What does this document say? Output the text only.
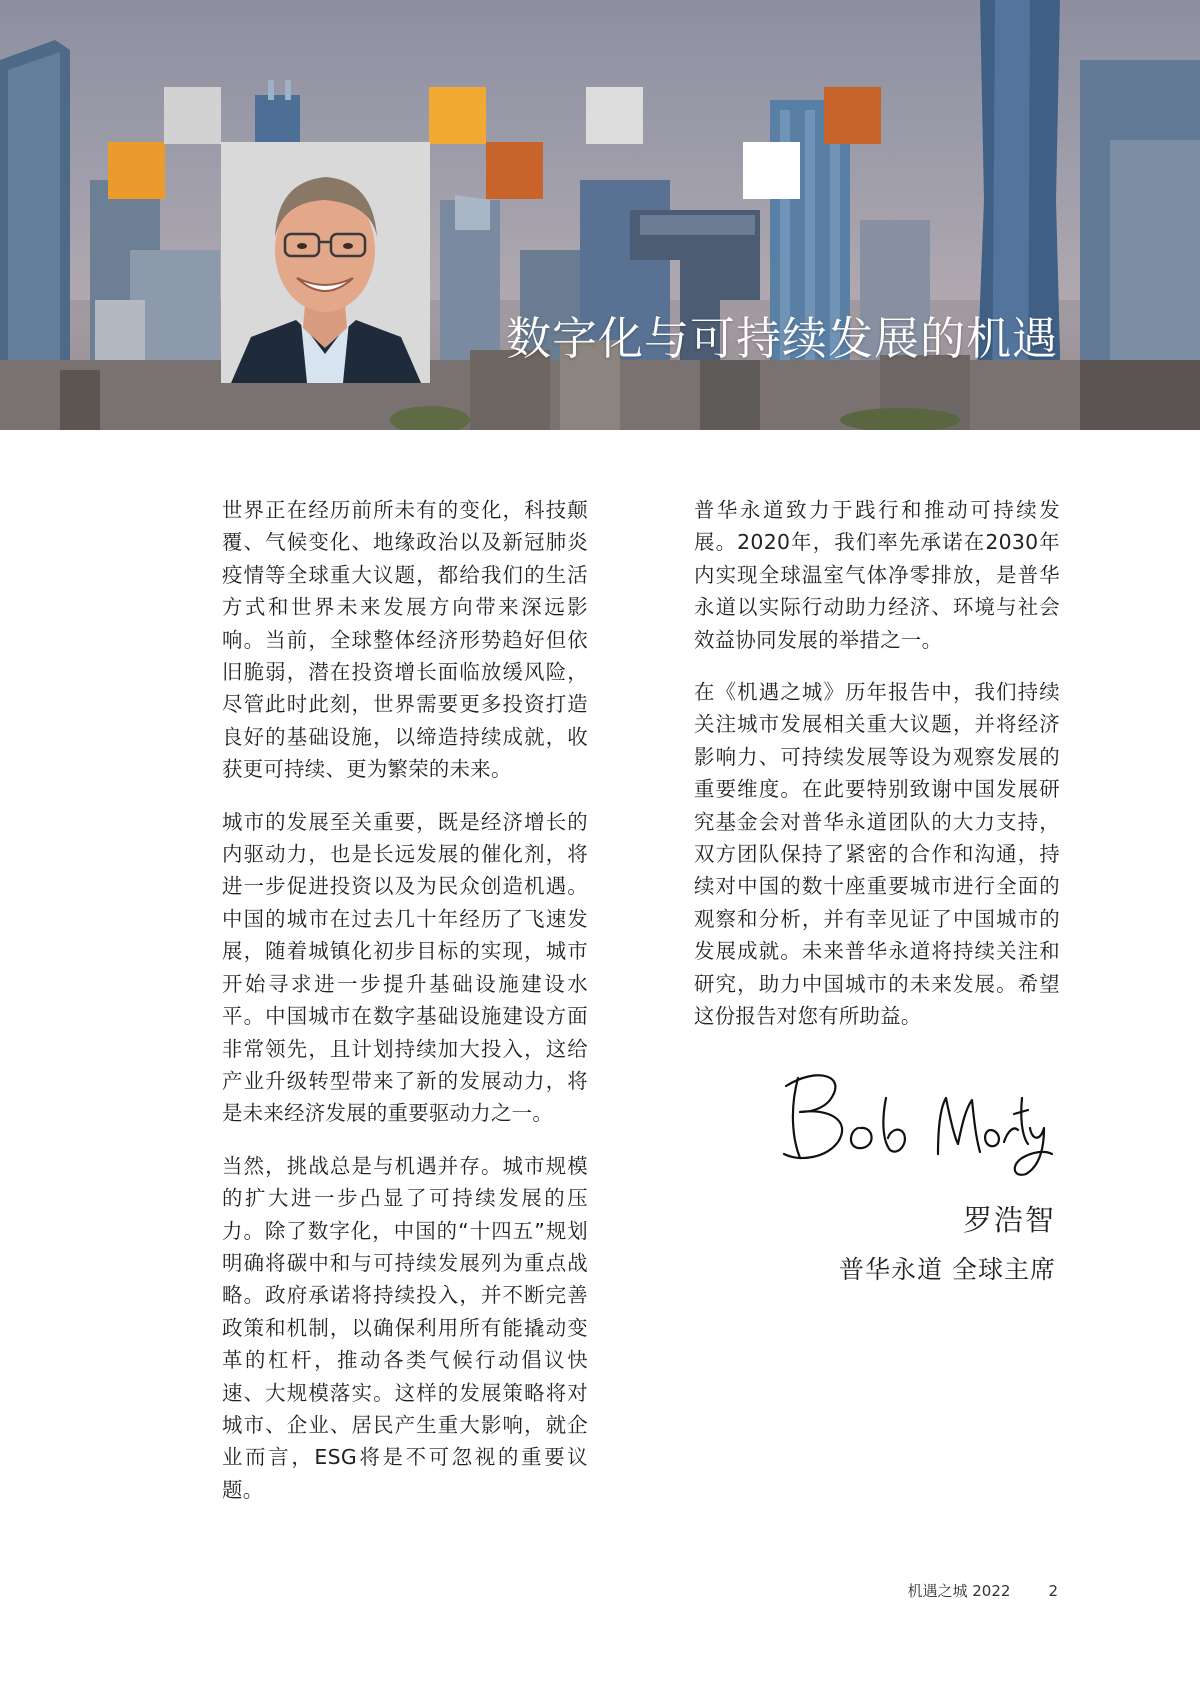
数字化与可持续发展的机遇

世界正在经历前所未有的变化，科技颠覆、气候变化、地缘政治以及新冠肺炎疫情等全球重大议题，都给我们的生活方式和世界未来发展方向带来深远影响。当前，全球整体经济形势趋好但依旧脆弱，潜在投资增长面临放缓风险，尽管此时此刻，世界需要更多投资打造良好的基础设施，以缔造持续成就，收获更可持续、更为繁荣的未来。

城市的发展至关重要，既是经济增长的内驱动力，也是长远发展的催化剂，将进一步促进投资以及为民众创造机遇。中国的城市在过去几十年经历了飞速发展，随着城镇化初步目标的实现，城市开始寻求进一步提升基础设施建设水平。中国城市在数字基础设施建设方面非常领先，且计划持续加大投入，这给产业升级转型带来了新的发展动力，将是未来经济发展的重要驱动力之一。

当然，挑战总是与机遇并存。城市规模的扩大进一步凸显了可持续发展的压力。除了数字化，中国的“十四五”规划明确将碳中和与可持续发展列为重点战略。政府承诺将持续投入，并不断完善政策和机制，以确保利用所有能撬动变革的杠杆，推动各类气候行动倡议快速、大规模落实。这样的发展策略将对城市、企业、居民产生重大影响，就企业而言，ESG将是不可忽视的重要议题。

普华永道致力于践行和推动可持续发展。2020年，我们率先承诺在2030年内实现全球温室气体净零排放，是普华永道以实际行动助力经济、环境与社会效益协同发展的举措之一。

在《机遇之城》历年报告中，我们持续关注城市发展相关重大议题，并将经济影响力、可持续发展等设为观察发展的重要维度。在此要特别致谢中国发展研究基金会对普华永道团队的大力支持，双方团队保持了紧密的合作和沟通，持续对中国的数十座重要城市进行全面的观察和分析，并有幸见证了中国城市的发展成就。未来普华永道将持续关注和研究，助力中国城市的未来发展。希望这份报告对您有所助益。

罗浩智

普华永道 全球主席

机遇之城 2022	2
